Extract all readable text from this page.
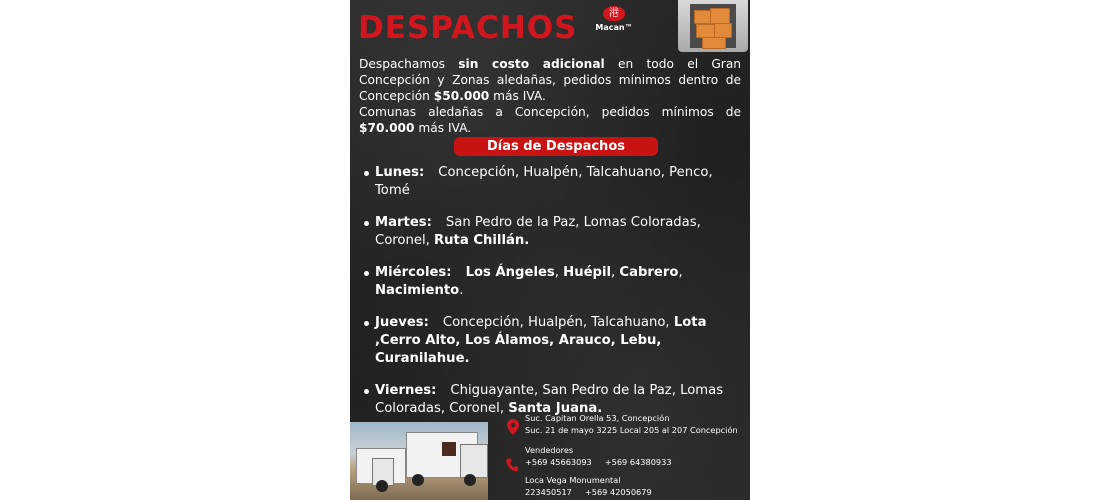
DESPACHOS	港
Macan™

Despachamos sin costo adicional en todo el Gran Concepción y Zonas aledañas, pedidos mínimos dentro de Concepción $50.000 más IVA.
Comunas aledañas a Concepción, pedidos mínimos de $70.000 más IVA.

Días de Despachos
Lunes: Concepción, Hualpén, Talcahuano, Penco, Tomé
Martes: San Pedro de la Paz, Lomas Coloradas, Coronel, Ruta Chillán.
Miércoles: Los Ángeles, Huépil, Cabrero, Nacimiento.
Jueves: Concepción, Hualpén, Talcahuano, Lota ,Cerro Alto, Los Álamos, Arauco, Lebu, Curanilahue.
Viernes: Chiguayante, San Pedro de la Paz, Lomas Coloradas, Coronel, Santa Juana.
Suc. Capitan Orella 53, Concepción
Suc. 21 de mayo 3225 Local 205 al 207 Concepción
Vendedores
+569 45663093 +569 64380933
Loca Vega Monumental
223450517 +569 42050679
